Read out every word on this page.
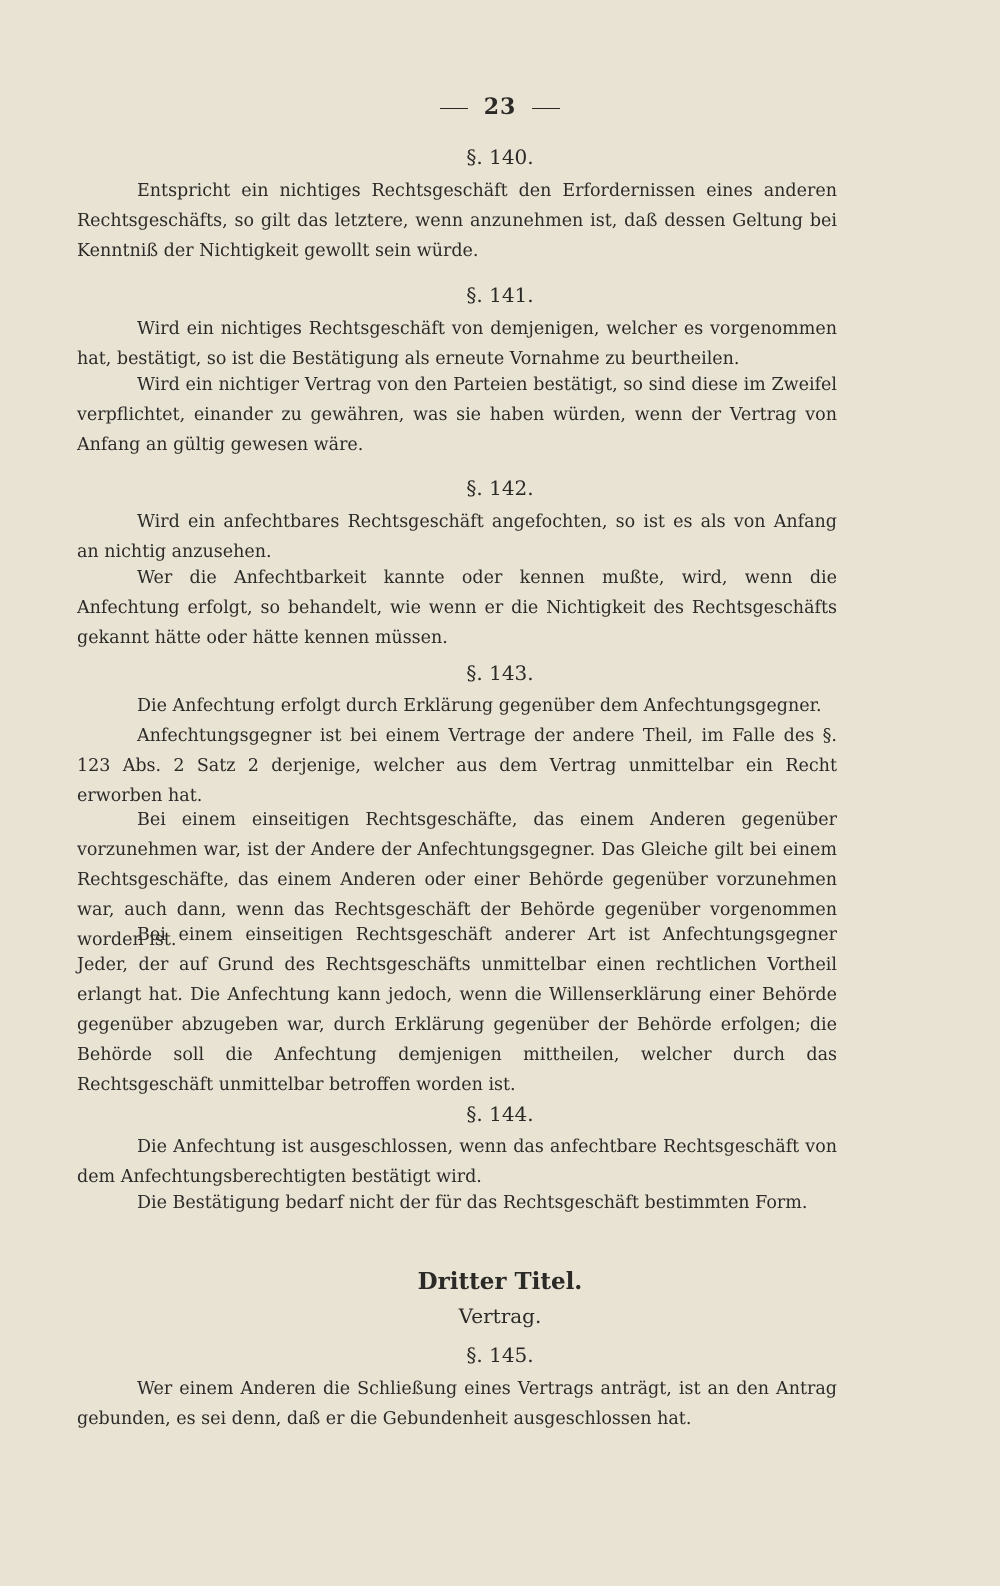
23
§. 140.
Entspricht ein nichtiges Rechtsgeschäft den Erfordernissen eines anderen Rechtsgeschäfts, so gilt das letztere, wenn anzunehmen ist, daß dessen Geltung bei Kenntniß der Nichtigkeit gewollt sein würde.
§. 141.
Wird ein nichtiges Rechtsgeschäft von demjenigen, welcher es vorgenommen hat, bestätigt, so ist die Bestätigung als erneute Vornahme zu beurtheilen.
Wird ein nichtiger Vertrag von den Parteien bestätigt, so sind diese im Zweifel verpflichtet, einander zu gewähren, was sie haben würden, wenn der Vertrag von Anfang an gültig gewesen wäre.
§. 142.
Wird ein anfechtbares Rechtsgeschäft angefochten, so ist es als von Anfang an nichtig anzusehen.
Wer die Anfechtbarkeit kannte oder kennen mußte, wird, wenn die Anfechtung erfolgt, so behandelt, wie wenn er die Nichtigkeit des Rechtsgeschäfts gekannt hätte oder hätte kennen müssen.
§. 143.
Die Anfechtung erfolgt durch Erklärung gegenüber dem Anfechtungsgegner.
Anfechtungsgegner ist bei einem Vertrage der andere Theil, im Falle des §. 123 Abs. 2 Satz 2 derjenige, welcher aus dem Vertrag unmittelbar ein Recht erworben hat.
Bei einem einseitigen Rechtsgeschäfte, das einem Anderen gegenüber vorzunehmen war, ist der Andere der Anfechtungsgegner. Das Gleiche gilt bei einem Rechtsgeschäfte, das einem Anderen oder einer Behörde gegenüber vorzunehmen war, auch dann, wenn das Rechtsgeschäft der Behörde gegenüber vorgenommen worden ist.
Bei einem einseitigen Rechtsgeschäft anderer Art ist Anfechtungsgegner Jeder, der auf Grund des Rechtsgeschäfts unmittelbar einen rechtlichen Vortheil erlangt hat. Die Anfechtung kann jedoch, wenn die Willenserklärung einer Behörde gegenüber abzugeben war, durch Erklärung gegenüber der Behörde erfolgen; die Behörde soll die Anfechtung demjenigen mittheilen, welcher durch das Rechtsgeschäft unmittelbar betroffen worden ist.
§. 144.
Die Anfechtung ist ausgeschlossen, wenn das anfechtbare Rechtsgeschäft von dem Anfechtungsberechtigten bestätigt wird.
Die Bestätigung bedarf nicht der für das Rechtsgeschäft bestimmten Form.
Dritter Titel.
Vertrag.
§. 145.
Wer einem Anderen die Schließung eines Vertrags anträgt, ist an den Antrag gebunden, es sei denn, daß er die Gebundenheit ausgeschlossen hat.
